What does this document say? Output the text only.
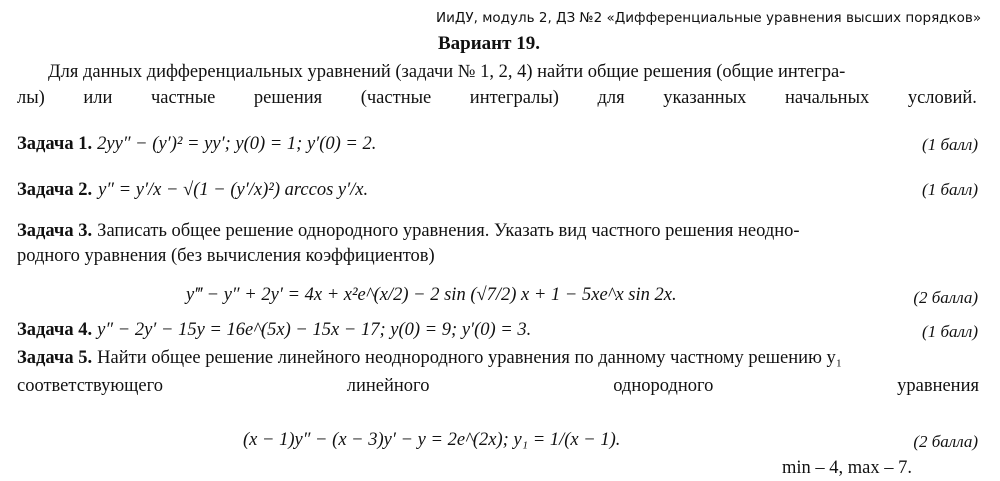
ИиДУ, модуль 2, ДЗ №2 «Дифференциальные уравнения высших порядков»
Вариант 19.
Для данных дифференциальных уравнений (задачи № 1, 2, 4) найти общие решения (общие интегра-
лы) или частные решения (частные интегралы) для указанных начальных условий.
Задача 1. 2yy″ − (y′)² = yy′; y(0) = 1; y′(0) = 2.	(1 балл)
Задача 2. y″ = y′/x − √(1 − (y′/x)²) arccos y′/x.	(1 балл)
Задача 3. Записать общее решение однородного уравнения. Указать вид частного решения неодно-
родного уравнения (без вычисления коэффициентов)
y‴ − y″ + 2y′ = 4x + x²e^(x/2) − 2 sin (√7/2) x + 1 − 5xe^x sin 2x.	(2 балла)
Задача 4. y″ − 2y′ − 15y = 16e^(5x) − 15x − 17; y(0) = 9; y′(0) = 3.	(1 балл)
Задача 5. Найти общее решение линейного неоднородного уравнения по данному частному решению y₁
соответствующего	линейного	однородного	уравнения
(x − 1)y″ − (x − 3)y′ − y = 2e^(2x); y₁ = 1/(x − 1).	(2 балла)
min – 4, max – 7.
